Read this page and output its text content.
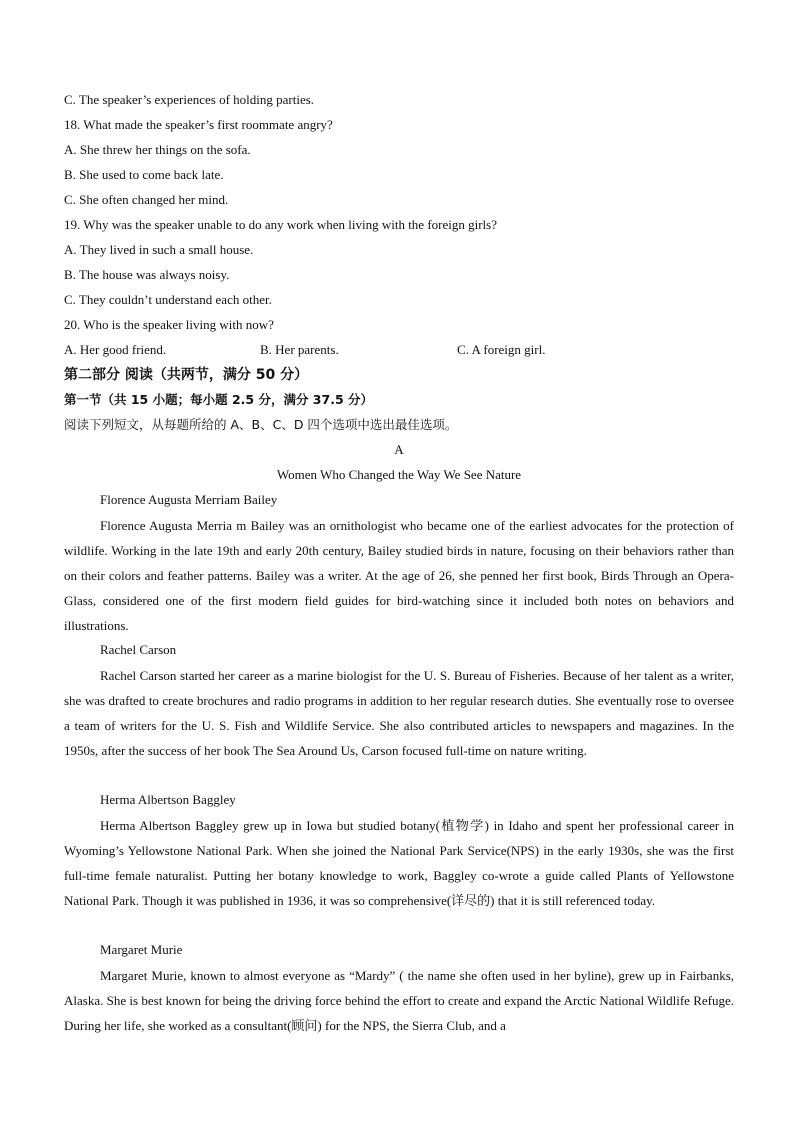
C. The speaker’s experiences of holding parties.
18. What made the speaker’s first roommate angry?
A. She threw her things on the sofa.
B. She used to come back late.
C. She often changed her mind.
19. Why was the speaker unable to do any work when living with the foreign girls?
A. They lived in such a small house.
B. The house was always noisy.
C. They couldn’t understand each other.
20. Who is the speaker living with now?
A. Her good friend.	B. Her parents.	C. A foreign girl.
第二部分 阅读（共两节，满分 50 分）
第一节（共 15 小题；每小题 2.5 分，满分 37.5 分）
阅读下列短文，从每题所给的 A、B、C、D 四个选项中选出最佳选项。
A
Women Who Changed the Way We See Nature
Florence Augusta Merriam Bailey

Florence Augusta Merria m Bailey was an ornithologist who became one of the earliest advocates for the protection of wildlife. Working in the late 19th and early 20th century, Bailey studied birds in nature, focusing on their behaviors rather than on their colors and feather patterns. Bailey was a writer. At the age of 26, she penned her first book, Birds Through an Opera-Glass, considered one of the first modern field guides for bird-watching since it included both notes on behaviors and illustrations.

Rachel Carson

Rachel Carson started her career as a marine biologist for the U. S. Bureau of Fisheries. Because of her talent as a writer, she was drafted to create brochures and radio programs in addition to her regular research duties. She eventually rose to oversee a team of writers for the U. S. Fish and Wildlife Service. She also contributed articles to newspapers and magazines. In the 1950s, after the success of her book The Sea Around Us, Carson focused full-time on nature writing.

Herma Albertson Baggley

Herma Albertson Baggley grew up in Iowa but studied botany(植物学) in Idaho and spent her professional career in Wyoming’s Yellowstone National Park. When she joined the National Park Service(NPS) in the early 1930s, she was the first full-time female naturalist. Putting her botany knowledge to work, Baggley co-wrote a guide called Plants of Yellowstone National Park. Though it was published in 1936, it was so comprehensive(详尽的) that it is still referenced today.

Margaret Murie

Margaret Murie, known to almost everyone as “Mardy” ( the name she often used in her byline), grew up in Fairbanks, Alaska. She is best known for being the driving force behind the effort to create and expand the Arctic National Wildlife Refuge. During her life, she worked as a consultant(顾问) for the NPS, the Sierra Club, and a
